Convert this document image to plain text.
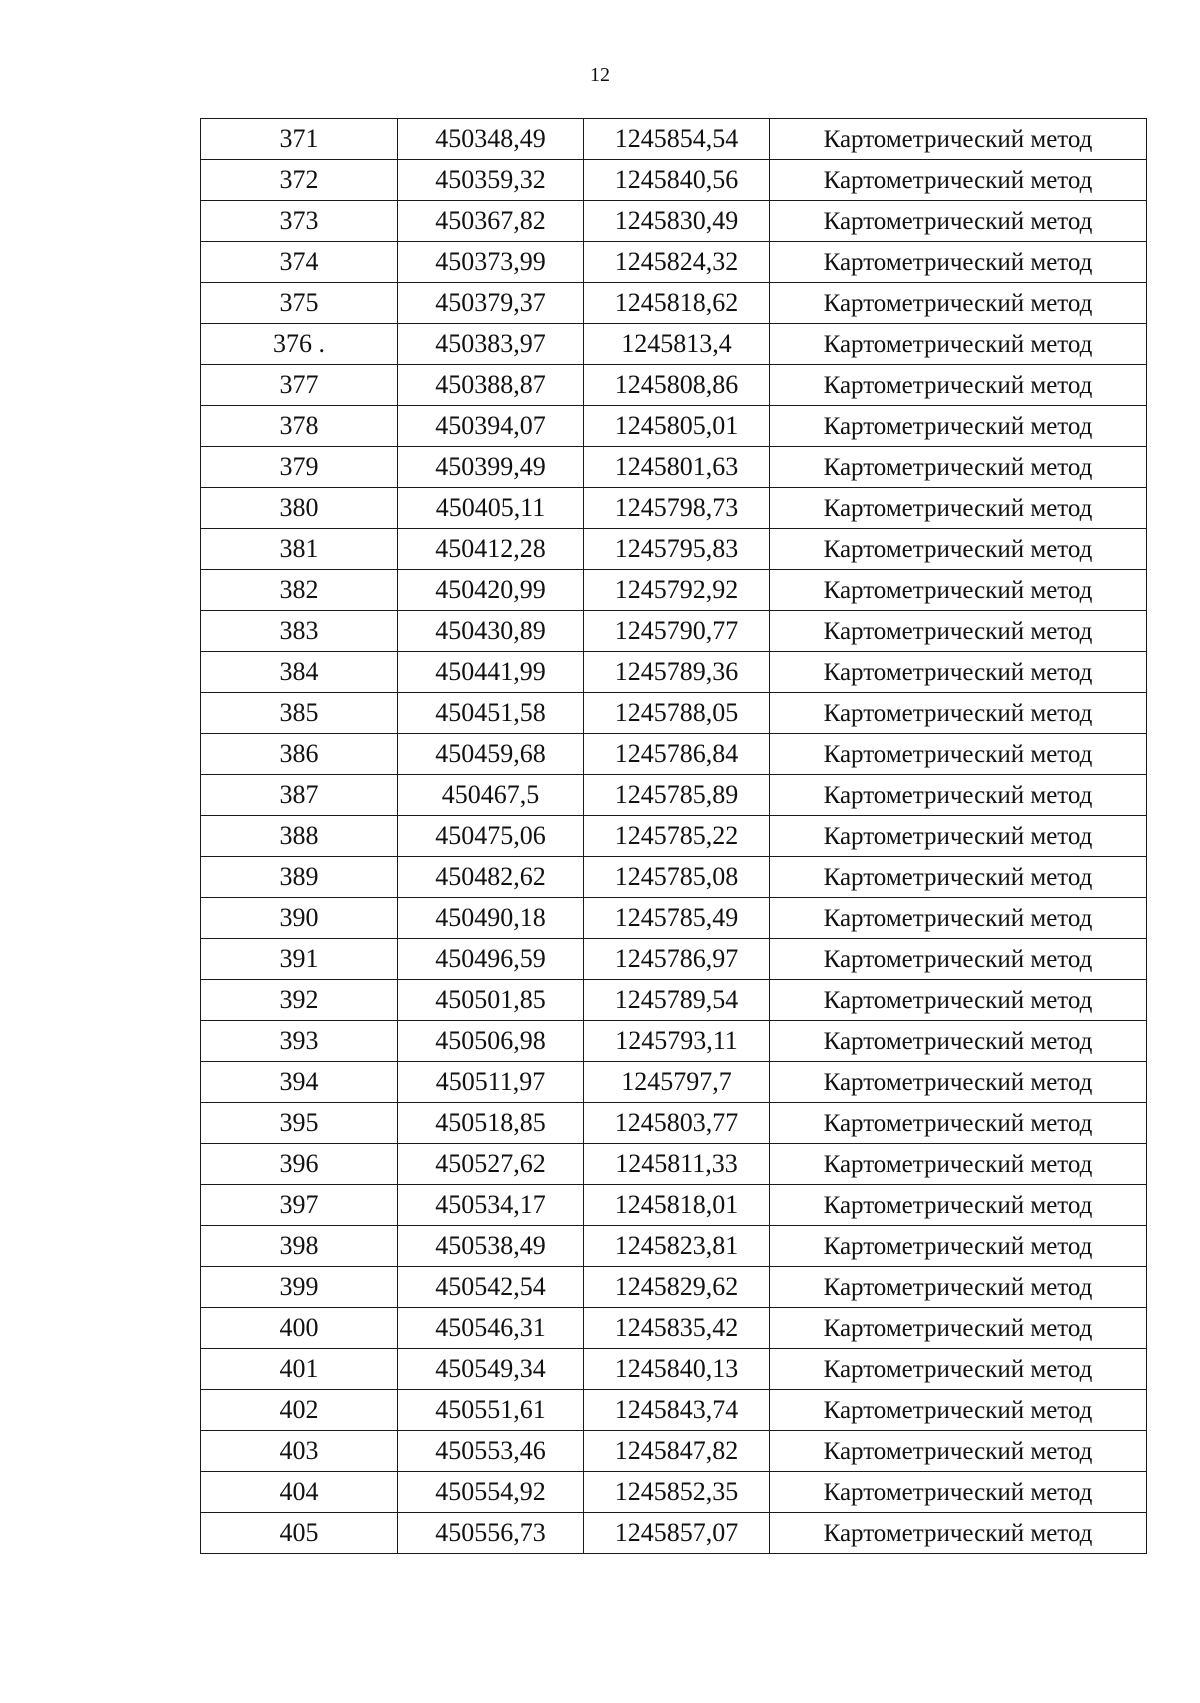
12
371	450348,49	1245854,54	Картометрический метод
372	450359,32	1245840,56	Картометрический метод
373	450367,82	1245830,49	Картометрический метод
374	450373,99	1245824,32	Картометрический метод
375	450379,37	1245818,62	Картометрический метод
376 .	450383,97	1245813,4	Картометрический метод
377	450388,87	1245808,86	Картометрический метод
378	450394,07	1245805,01	Картометрический метод
379	450399,49	1245801,63	Картометрический метод
380	450405,11	1245798,73	Картометрический метод
381	450412,28	1245795,83	Картометрический метод
382	450420,99	1245792,92	Картометрический метод
383	450430,89	1245790,77	Картометрический метод
384	450441,99	1245789,36	Картометрический метод
385	450451,58	1245788,05	Картометрический метод
386	450459,68	1245786,84	Картометрический метод
387	450467,5	1245785,89	Картометрический метод
388	450475,06	1245785,22	Картометрический метод
389	450482,62	1245785,08	Картометрический метод
390	450490,18	1245785,49	Картометрический метод
391	450496,59	1245786,97	Картометрический метод
392	450501,85	1245789,54	Картометрический метод
393	450506,98	1245793,11	Картометрический метод
394	450511,97	1245797,7	Картометрический метод
395	450518,85	1245803,77	Картометрический метод
396	450527,62	1245811,33	Картометрический метод
397	450534,17	1245818,01	Картометрический метод
398	450538,49	1245823,81	Картометрический метод
399	450542,54	1245829,62	Картометрический метод
400	450546,31	1245835,42	Картометрический метод
401	450549,34	1245840,13	Картометрический метод
402	450551,61	1245843,74	Картометрический метод
403	450553,46	1245847,82	Картометрический метод
404	450554,92	1245852,35	Картометрический метод
405	450556,73	1245857,07	Картометрический метод
